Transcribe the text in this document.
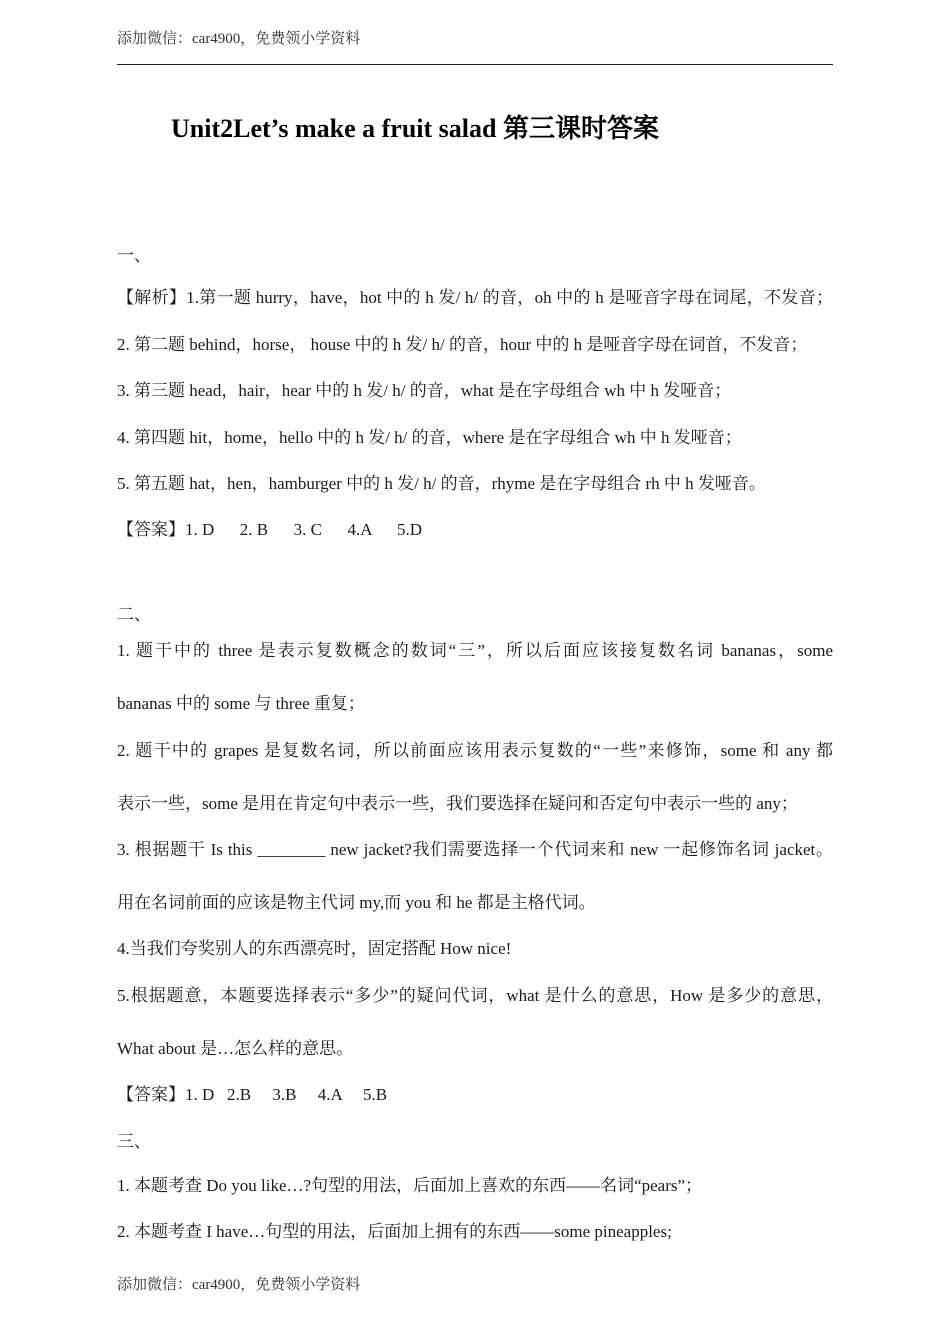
添加微信：car4900，免费领小学资料
Unit2Let’s make a fruit salad 第三课时答案
一、
【解析】1.第一题 hurry，have，hot 中的 h 发/ h/ 的音，oh 中的 h 是哑音字母在词尾，不发音；
2. 第二题 behind，horse， house 中的 h 发/ h/ 的音，hour 中的 h 是哑音字母在词首，不发音；
3. 第三题 head，hair，hear 中的 h 发/ h/ 的音，what 是在字母组合 wh 中 h 发哑音；
4. 第四题 hit，home，hello 中的 h 发/ h/ 的音，where 是在字母组合 wh 中 h 发哑音；
5. 第五题 hat，hen，hamburger 中的 h 发/ h/ 的音，rhyme 是在字母组合 rh 中 h 发哑音。
【答案】1. D      2. B      3. C      4.A      5.D
二、
1. 题干中的 three 是表示复数概念的数词“三”，所以后面应该接复数名词 bananas，some
bananas 中的 some 与 three 重复；
2. 题干中的 grapes 是复数名词，所以前面应该用表示复数的“一些”来修饰，some 和 any 都
表示一些，some 是用在肯定句中表示一些，我们要选择在疑问和否定句中表示一些的 any；
3. 根据题干 Is this ________ new jacket?我们需要选择一个代词来和 new 一起修饰名词 jacket。
用在名词前面的应该是物主代词 my,而 you 和 he 都是主格代词。
4.当我们夸奖别人的东西漂亮时，固定搭配 How nice!
5.根据题意，本题要选择表示“多少”的疑问代词，what 是什么的意思，How 是多少的意思，
What about 是…怎么样的意思。
【答案】1. D   2.B     3.B     4.A     5.B
三、
1. 本题考查 Do you like…?句型的用法，后面加上喜欢的东西——名词“pears”；
2. 本题考查 I have…句型的用法，后面加上拥有的东西——some pineapples;
添加微信：car4900，免费领小学资料
